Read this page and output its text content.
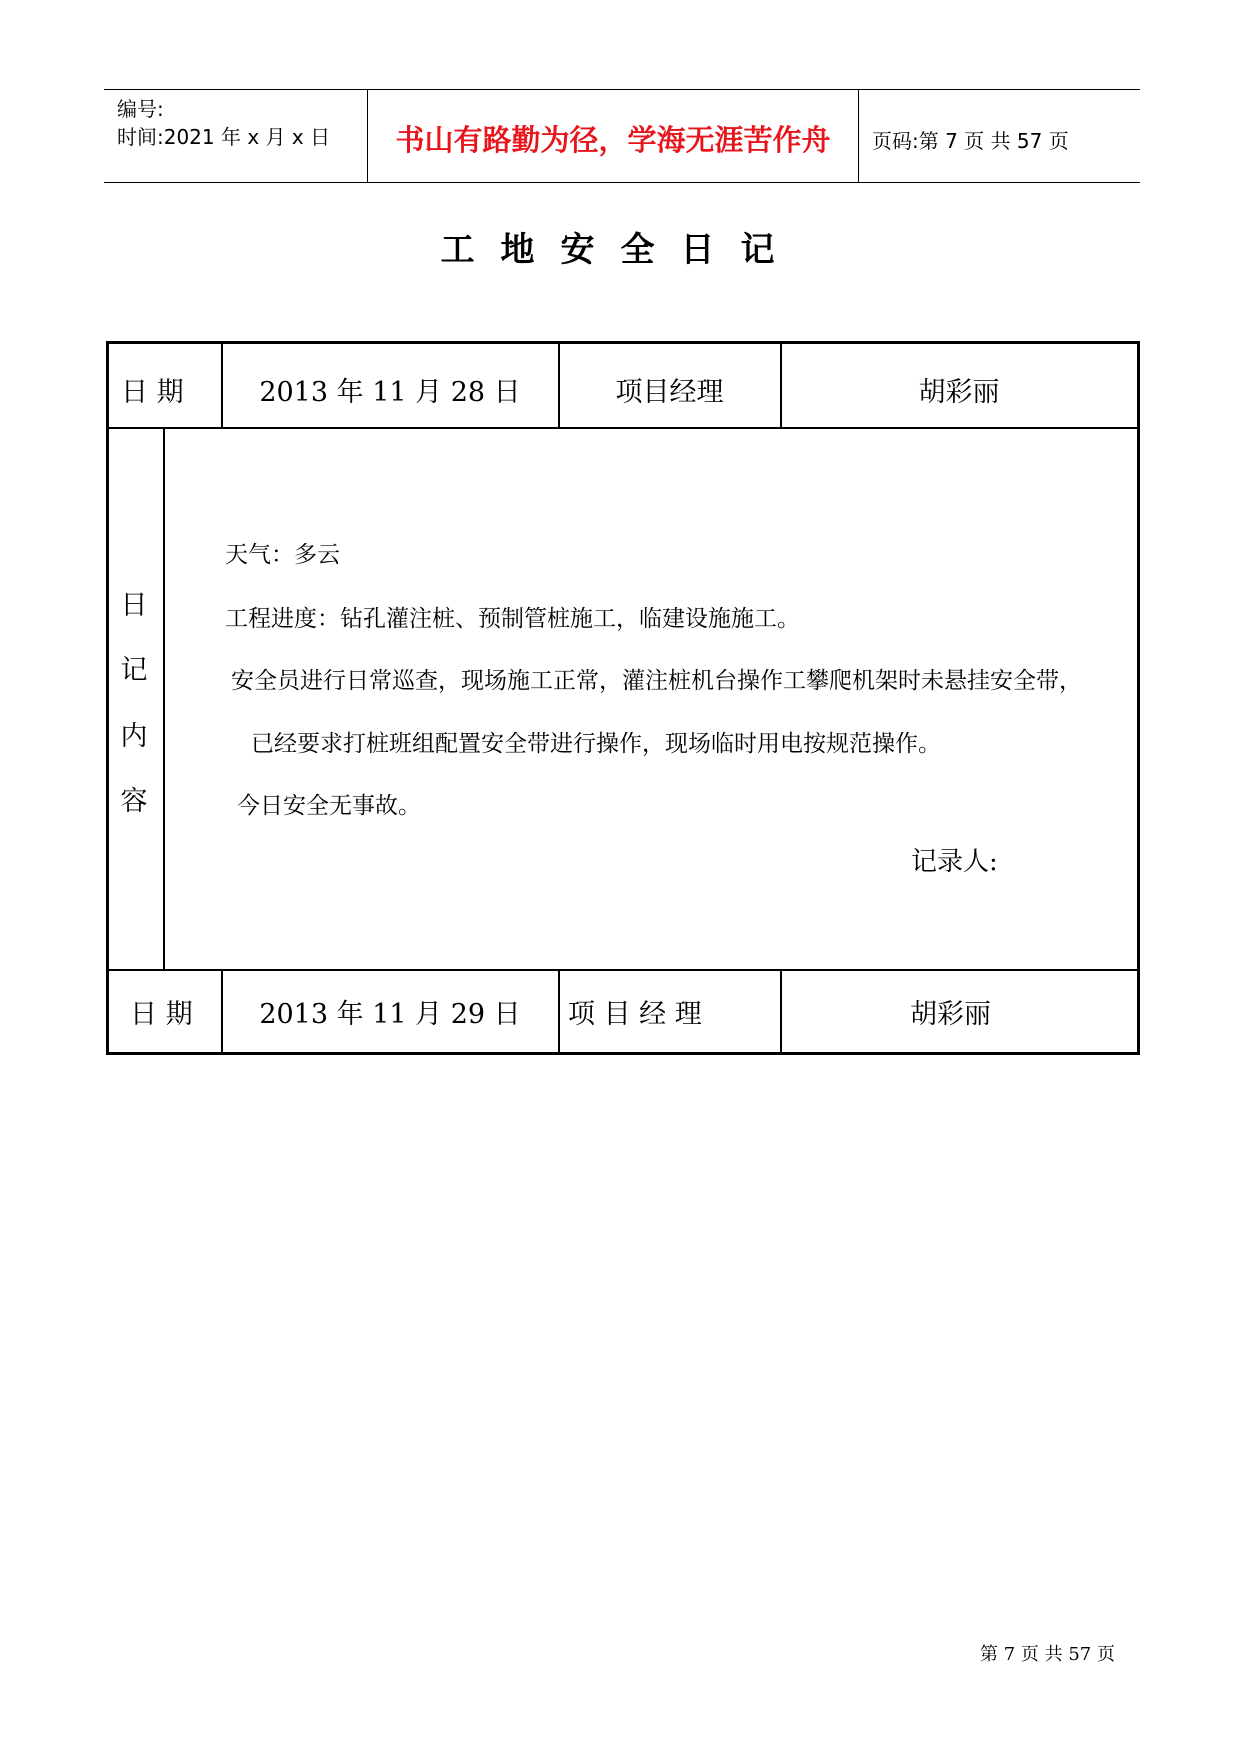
编号:
时间:2021 年 x 月 x 日	书山有路勤为径，学海无涯苦作舟	页码:第 7 页 共 57 页
工地安全日记
日 期	2013 年 11 月 28 日	项目经理	胡彩丽
日
记
内
容
天气：多云
工程进度：钻孔灌注桩、预制管桩施工，临建设施施工。
安全员进行日常巡查，现场施工正常，灌注桩机台操作工攀爬机架时未悬挂安全带，
已经要求打桩班组配置安全带进行操作，现场临时用电按规范操作。
今日安全无事故。
记录人:
日 期	2013 年 11 月 29 日	项 目 经 理	胡彩丽
第 7 页 共 57 页
